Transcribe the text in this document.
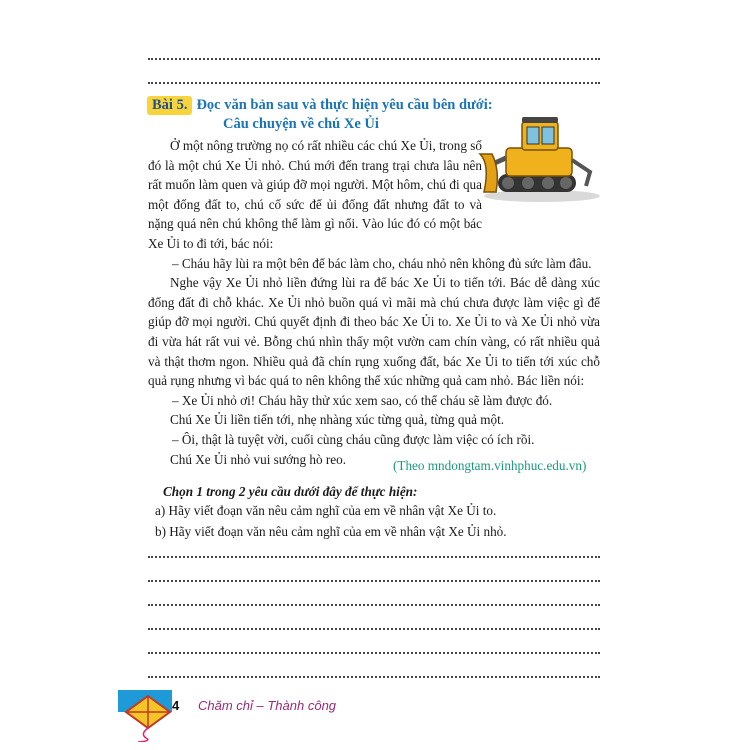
Bài 5. Đọc văn bản sau và thực hiện yêu cầu bên dưới:
Câu chuyện về chú Xe Ủi

Ở một nông trường nọ có rất nhiều các chú Xe Ủi, trong số đó là một chú Xe Ủi nhỏ. Chú mới đến trang trại chưa lâu nên rất muốn làm quen và giúp đỡ mọi người. Một hôm, chú đi qua một đống đất to, chú cố sức để ủi đống đất nhưng đất to và nặng quá nên chú không thể làm gì nổi. Vào lúc đó có một bác Xe Ủi to đi tới, bác nói:

– Cháu hãy lùi ra một bên để bác làm cho, cháu nhỏ nên không đủ sức làm đâu.

Nghe vậy Xe Ủi nhỏ liền đứng lùi ra để bác Xe Ủi to tiến tới. Bác dễ dàng xúc đống đất đi chỗ khác. Xe Ủi nhỏ buồn quá vì mãi mà chú chưa được làm việc gì để giúp đỡ mọi người. Chú quyết định đi theo bác Xe Ủi to. Xe Ủi to và Xe Ủi nhỏ vừa đi vừa hát rất vui vẻ. Bỗng chú nhìn thấy một vườn cam chín vàng, có rất nhiều quả và thật thơm ngon. Nhiều quả đã chín rụng xuống đất, bác Xe Ủi to tiến tới xúc chỗ quả rụng nhưng vì bác quá to nên không thể xúc những quả cam nhỏ. Bác liền nói:

– Xe Ủi nhỏ ơi! Cháu hãy thử xúc xem sao, có thể cháu sẽ làm được đó.

Chú Xe Ủi liền tiến tới, nhẹ nhàng xúc từng quả, từng quả một.

– Ôi, thật là tuyệt vời, cuối cùng cháu cũng được làm việc có ích rồi.

Chú Xe Ủi nhỏ vui sướng hò reo.	(Theo mndongtam.vinhphuc.edu.vn)
Chọn 1 trong 2 yêu cầu dưới đây để thực hiện:
a) Hãy viết đoạn văn nêu cảm nghĩ của em về nhân vật Xe Ủi to.
b) Hãy viết đoạn văn nêu cảm nghĩ của em về nhân vật Xe Ủi nhỏ.
4 Chăm chỉ – Thành công
